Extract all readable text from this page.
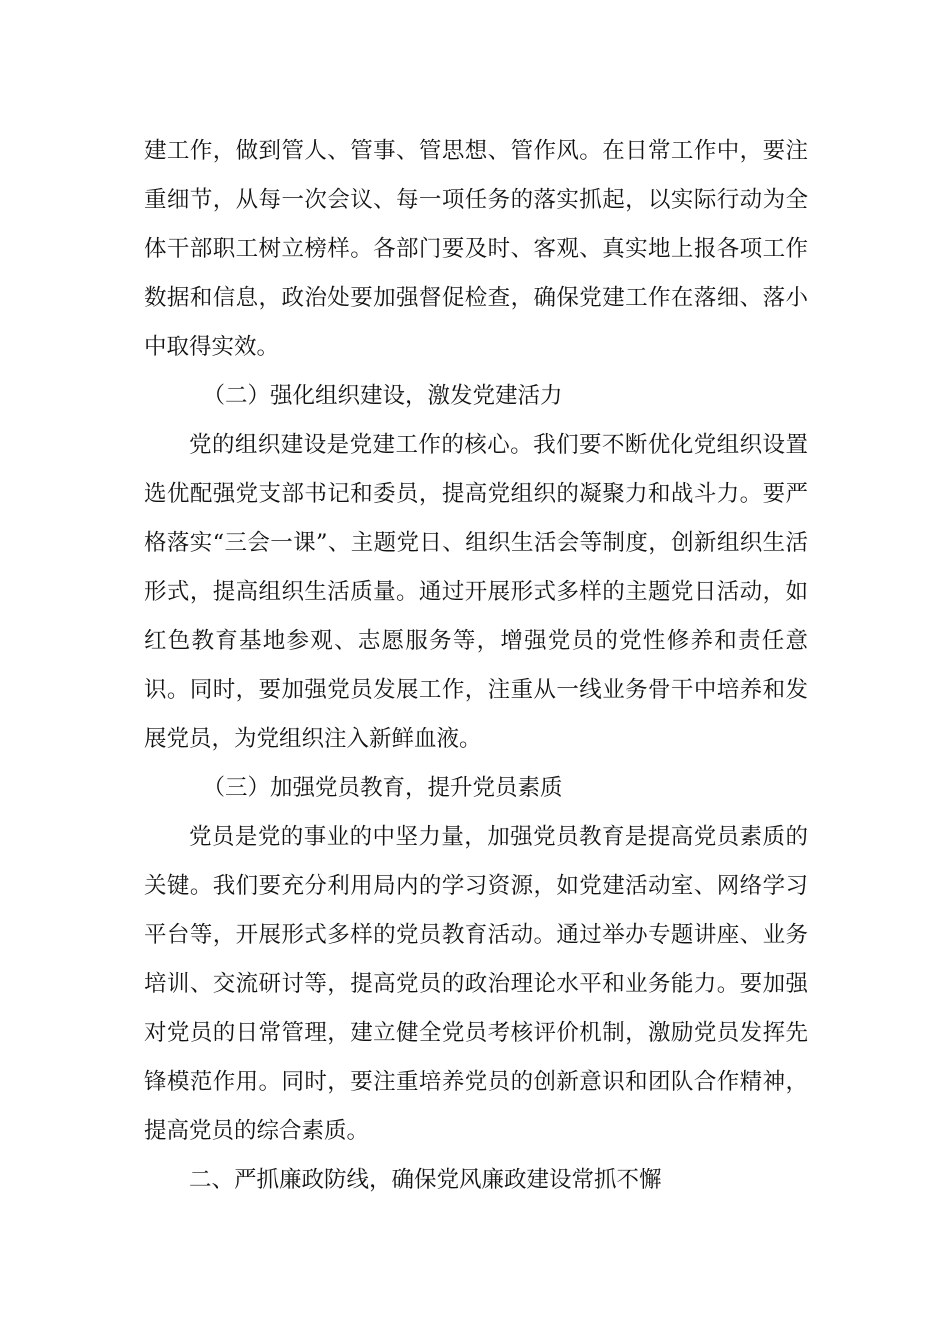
建工作，做到管人、管事、管思想、管作风。在日常工作中，要注重细节，从每一次会议、每一项任务的落实抓起，以实际行动为全体干部职工树立榜样。各部门要及时、客观、真实地上报各项工作数据和信息，政治处要加强督促检查，确保党建工作在落细、落小中取得实效。

（二）强化组织建设，激发党建活力

党的组织建设是党建工作的核心。我们要不断优化党组织设置选优配强党支部书记和委员，提高党组织的凝聚力和战斗力。要严格落实“三会一课”、主题党日、组织生活会等制度，创新组织生活形式，提高组织生活质量。通过开展形式多样的主题党日活动，如红色教育基地参观、志愿服务等，增强党员的党性修养和责任意识。同时，要加强党员发展工作，注重从一线业务骨干中培养和发展党员，为党组织注入新鲜血液。

（三）加强党员教育，提升党员素质

党员是党的事业的中坚力量，加强党员教育是提高党员素质的关键。我们要充分利用局内的学习资源，如党建活动室、网络学习平台等，开展形式多样的党员教育活动。通过举办专题讲座、业务培训、交流研讨等，提高党员的政治理论水平和业务能力。要加强对党员的日常管理，建立健全党员考核评价机制，激励党员发挥先锋模范作用。同时，要注重培养党员的创新意识和团队合作精神，提高党员的综合素质。

二、严抓廉政防线，确保党风廉政建设常抓不懈
